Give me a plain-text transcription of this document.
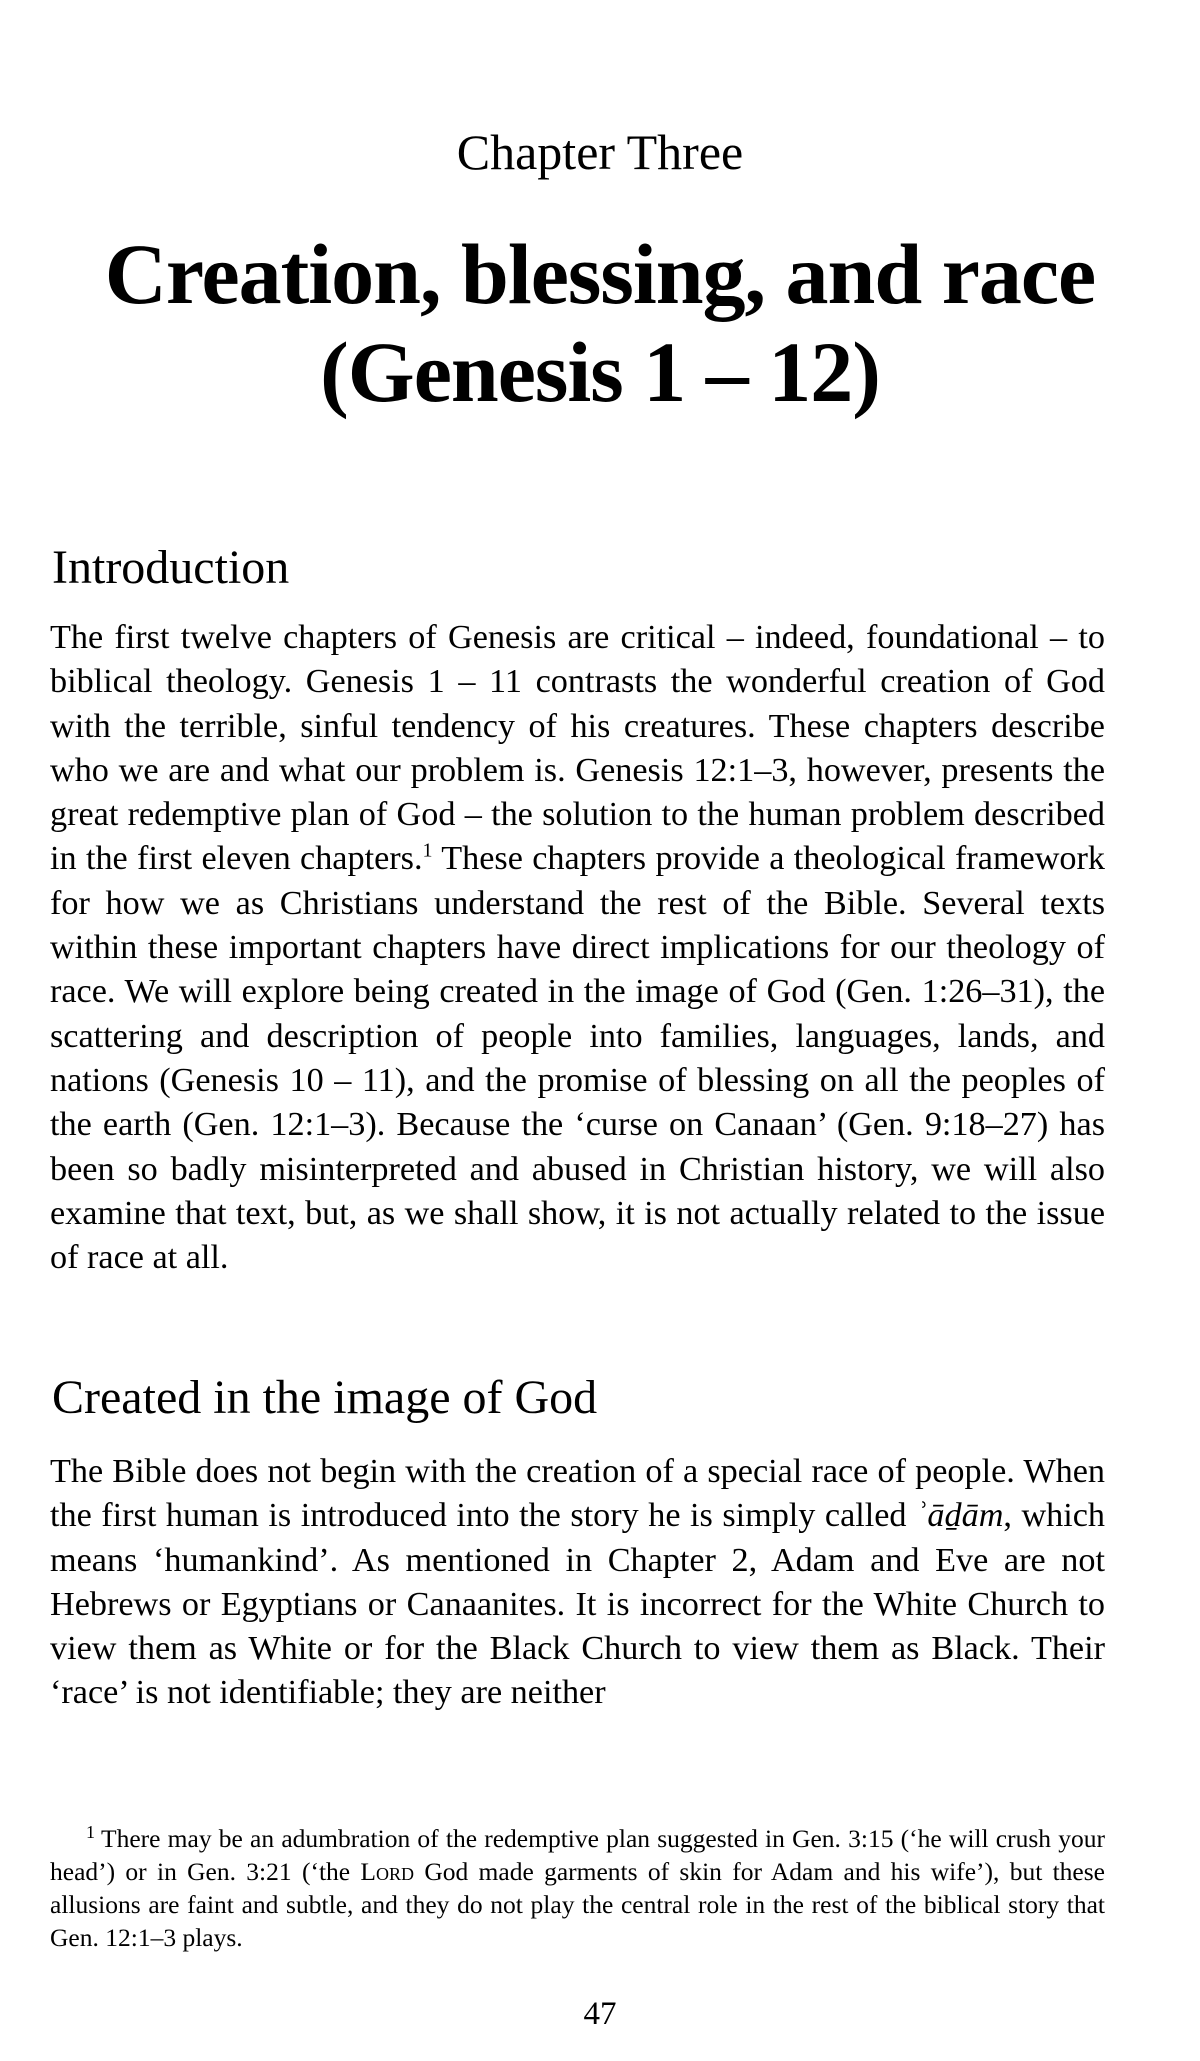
Chapter Three
Creation, blessing, and race (Genesis 1 – 12)
Introduction

The first twelve chapters of Genesis are critical – indeed, foundational – to biblical theology. Genesis 1 – 11 contrasts the wonderful creation of God with the terrible, sinful tendency of his creatures. These chapters describe who we are and what our problem is. Genesis 12:1–3, however, presents the great redemptive plan of God – the solution to the human problem described in the first eleven chapters.$^1$ These chapters provide a theological framework for how we as Christians understand the rest of the Bible. Several texts within these important chapters have direct implications for our theology of race. We will explore being created in the image of God (Gen. 1:26–31), the scattering and description of people into families, languages, lands, and nations (Genesis 10 – 11), and the promise of blessing on all the peoples of the earth (Gen. 12:1–3). Because the ‘curse on Canaan’ (Gen. 9:18–27) has been so badly misinterpreted and abused in Christian history, we will also examine that text, but, as we shall show, it is not actually related to the issue of race at all.

Created in the image of God

The Bible does not begin with the creation of a special race of people. When the first human is introduced into the story he is simply called ʾāḏām, which means ‘humankind’. As mentioned in Chapter 2, Adam and Eve are not Hebrews or Egyptians or Canaanites. It is incorrect for the White Church to view them as White or for the Black Church to view them as Black. Their ‘race’ is not identifiable; they are neither

$^1$ There may be an adumbration of the redemptive plan suggested in Gen. 3:15 (‘he will crush your head’) or in Gen. 3:21 (‘the Lord God made garments of skin for Adam and his wife’), but these allusions are faint and subtle, and they do not play the central role in the rest of the biblical story that Gen. 12:1–3 plays.

47
